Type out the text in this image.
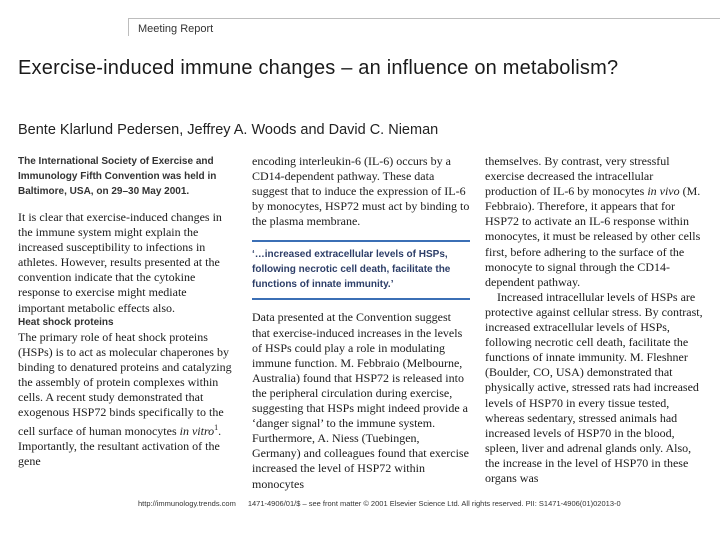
Meeting Report
Exercise-induced immune changes – an influence on metabolism?
Bente Klarlund Pedersen, Jeffrey A. Woods and David C. Nieman

The International Society of Exercise and Immunology Fifth Convention was held in Baltimore, USA, on 29–30 May 2001.

It is clear that exercise-induced changes in the immune system might explain the increased susceptibility to infections in athletes. However, results presented at the convention indicate that the cytokine response to exercise might mediate important metabolic effects also.

Heat shock proteins

The primary role of heat shock proteins (HSPs) is to act as molecular chaperones by binding to denatured proteins and catalyzing the assembly of protein complexes within cells. A recent study demonstrated that exogenous HSP72 binds specifically to the cell surface of human monocytes in vitro$^1$. Importantly, the resultant activation of the gene

encoding interleukin-6 (IL-6) occurs by a CD14-dependent pathway. These data suggest that to induce the expression of IL-6 by monocytes, HSP72 must act by binding to the plasma membrane.

‘…increased extracellular levels of HSPs, following necrotic cell death, facilitate the functions of innate immunity.’

Data presented at the Convention suggest that exercise-induced increases in the levels of HSPs could play a role in modulating immune function. M. Febbraio (Melbourne, Australia) found that HSP72 is released into the peripheral circulation during exercise, suggesting that HSPs might indeed provide a ‘danger signal’ to the immune system. Furthermore, A. Niess (Tuebingen, Germany) and colleagues found that exercise increased the level of HSP72 within monocytes

themselves. By contrast, very stressful exercise decreased the intracellular production of IL-6 by monocytes in vivo (M. Febbraio). Therefore, it appears that for HSP72 to activate an IL-6 response within monocytes, it must be released by other cells first, before adhering to the surface of the monocyte to signal through the CD14-dependent pathway.

Increased intracellular levels of HSPs are protective against cellular stress. By contrast, increased extracellular levels of HSPs, following necrotic cell death, facilitate the functions of innate immunity. M. Fleshner (Boulder, CO, USA) demonstrated that physically active, stressed rats had increased levels of HSP70 in every tissue tested, whereas sedentary, stressed animals had increased levels of HSP70 in the blood, spleen, liver and adrenal glands only. Also, the increase in the level of HSP70 in these organs was

http://immunology.trends.com 1471-4906/01/$ – see front matter © 2001 Elsevier Science Ltd. All rights reserved. PII: S1471-4906(01)02013-0
